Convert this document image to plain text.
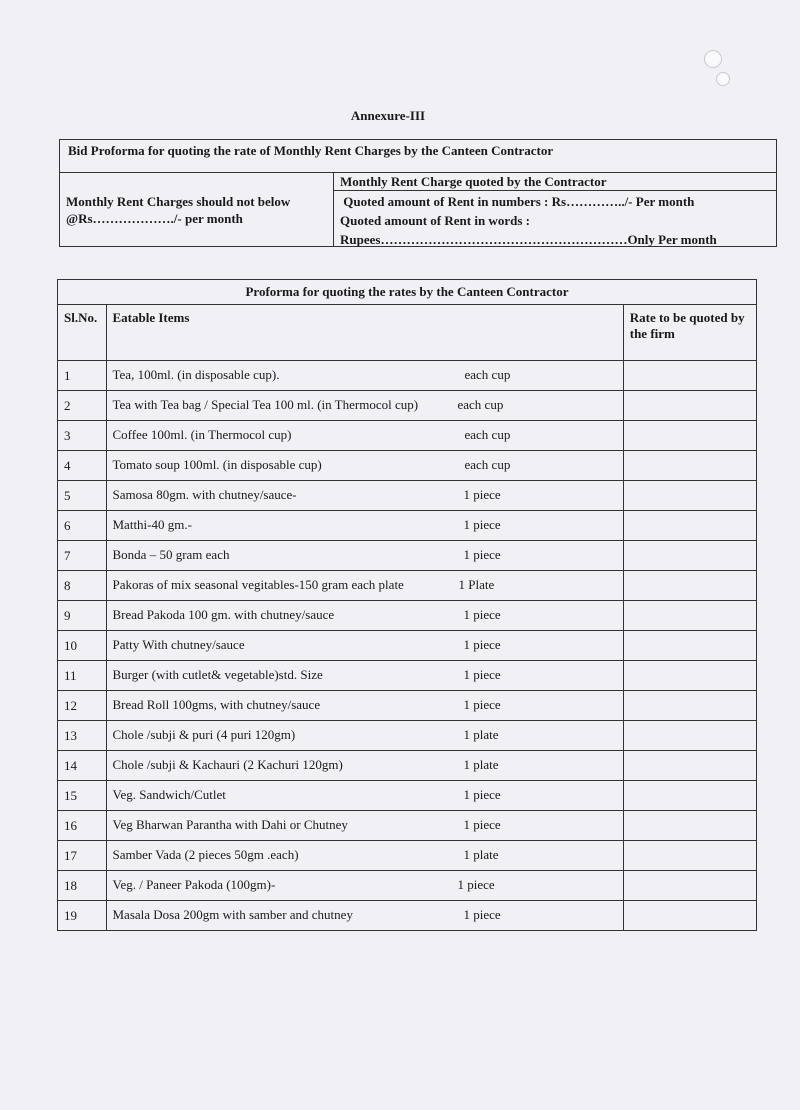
Annexure-III
Bid Proforma for quoting the rate of Monthly Rent Charges by the Canteen Contractor
Monthly Rent Charge quoted by the Contractor
Monthly Rent Charges should not below
@Rs………………./- per month
Quoted amount of Rent in numbers : Rs…………../- Per month
Quoted amount of Rent in words :
Rupees…………………………………………………Only Per month
Proforma for quoting the rates by the Canteen Contractor		
Sl.No.	Eatable Items	Rate to be quoted by the firm
1	Tea, 100ml. (in disposable cup). each cup	

2	Tea with Tea bag / Special Tea 100 ml. (in Thermocol cup) each cup	

3	Coffee 100ml. (in Thermocol cup) each cup	

4	Tomato soup 100ml. (in disposable cup) each cup	

5	Samosa 80gm. with chutney/sauce- 1 piece	

6	Matthi-40 gm.- 1 piece	

7	Bonda – 50 gram each 1 piece	

8	Pakoras of mix seasonal vegitables-150 gram each plate 1 Plate	

9	Bread Pakoda 100 gm. with chutney/sauce 1 piece	

10	Patty With chutney/sauce 1 piece	

11	Burger (with cutlet& vegetable)std. Size 1 piece	

12	Bread Roll 100gms, with chutney/sauce 1 piece	

13	Chole /subji & puri (4 puri 120gm) 1 plate	

14	Chole /subji & Kachauri (2 Kachuri 120gm) 1 plate	

15	Veg. Sandwich/Cutlet 1 piece	

16	Veg Bharwan Parantha with Dahi or Chutney 1 piece	

17	Samber Vada (2 pieces 50gm .each) 1 plate	

18	Veg. / Paneer Pakoda (100gm)- 1 piece	

19	Masala Dosa 200gm with samber and chutney 1 piece	
